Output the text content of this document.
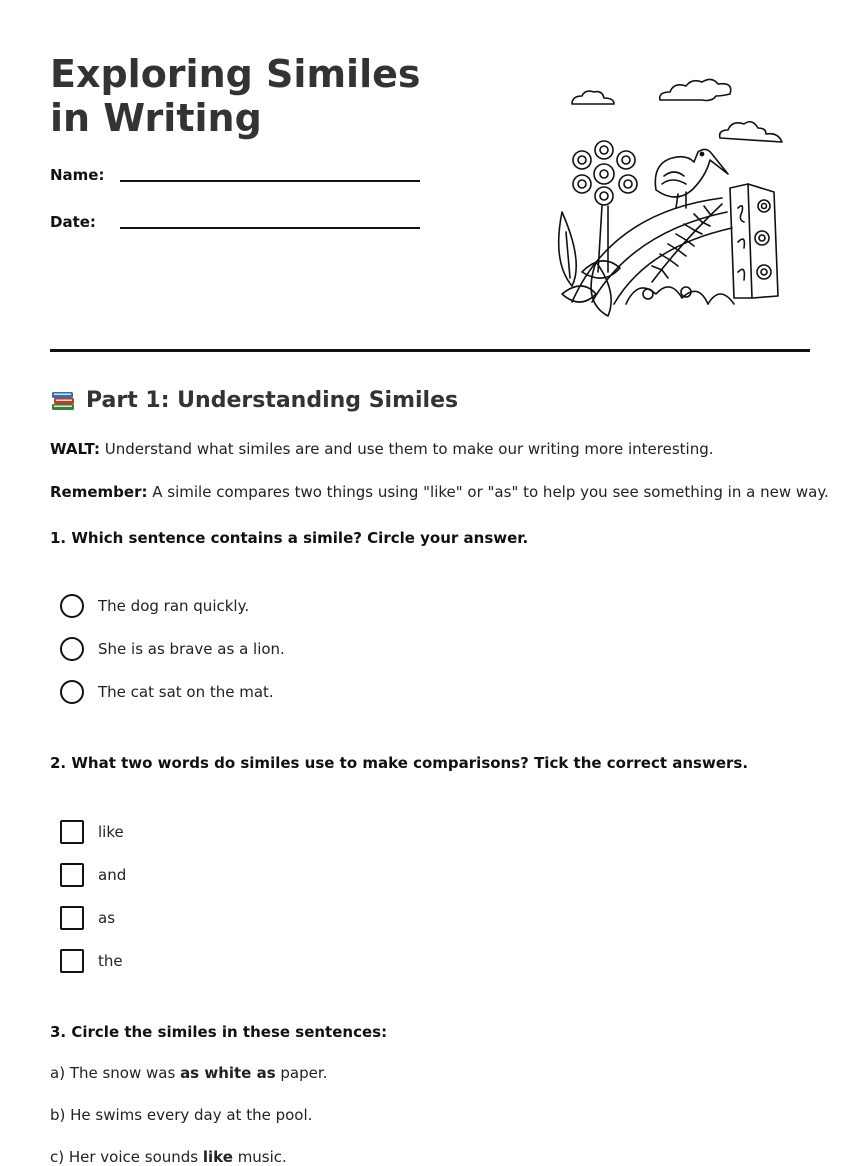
Exploring Similes in Writing
Name:
Date:
Part 1: Understanding Similes

WALT: Understand what similes are and use them to make our writing more interesting.

Remember: A simile compares two things using "like" or "as" to help you see something in a new way.

1. Which sentence contains a simile? Circle your answer.

The dog ran quickly.
She is as brave as a lion.
The cat sat on the mat.

2. What two words do similes use to make comparisons? Tick the correct answers.

like
and
as
the

3. Circle the similes in these sentences:

a) The snow was as white as paper.
b) He swims every day at the pool.
c) Her voice sounds like music.
